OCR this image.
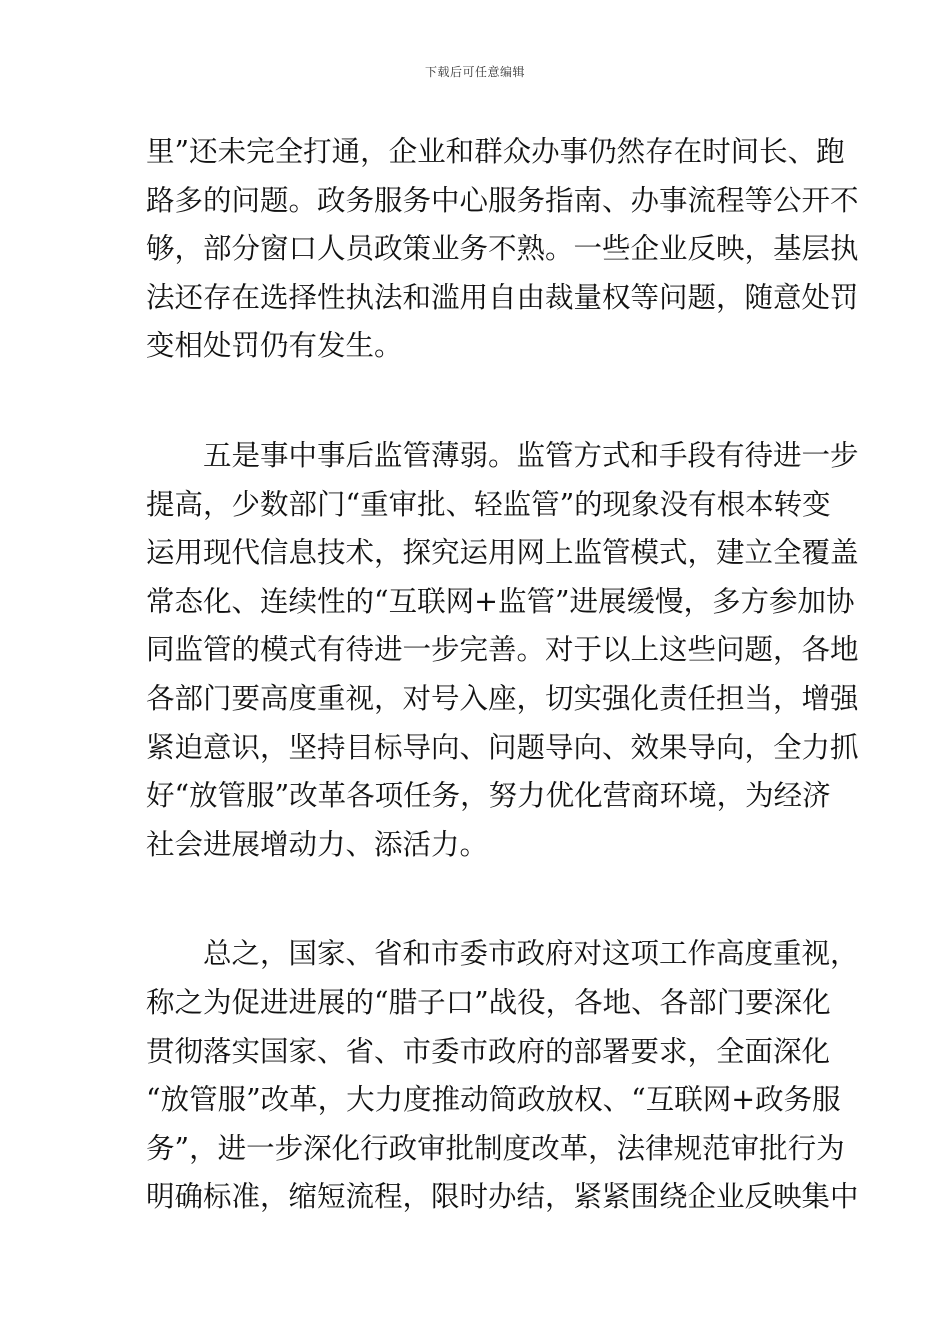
下载后可任意编辑
里”还未完全打通，企业和群众办事仍然存在时间长、跑
路多的问题。政务服务中心服务指南、办事流程等公开不
够，部分窗口人员政策业务不熟。一些企业反映，基层执
法还存在选择性执法和滥用自由裁量权等问题，随意处罚
变相处罚仍有发生。
　　五是事中事后监管薄弱。监管方式和手段有待进一步
提高，少数部门“重审批、轻监管”的现象没有根本转变
运用现代信息技术，探究运用网上监管模式，建立全覆盖
常态化、连续性的“互联网+监管”进展缓慢，多方参加协
同监管的模式有待进一步完善。对于以上这些问题，各地
各部门要高度重视，对号入座，切实强化责任担当，增强
紧迫意识，坚持目标导向、问题导向、效果导向，全力抓
好“放管服”改革各项任务，努力优化营商环境，为经济
社会进展增动力、添活力。
　　总之，国家、省和市委市政府对这项工作高度重视，
称之为促进进展的“腊子口”战役，各地、各部门要深化
贯彻落实国家、省、市委市政府的部署要求，全面深化
“放管服”改革，大力度推动简政放权、“互联网+政务服
务”，进一步深化行政审批制度改革，法律规范审批行为
明确标准，缩短流程，限时办结，紧紧围绕企业反映集中
